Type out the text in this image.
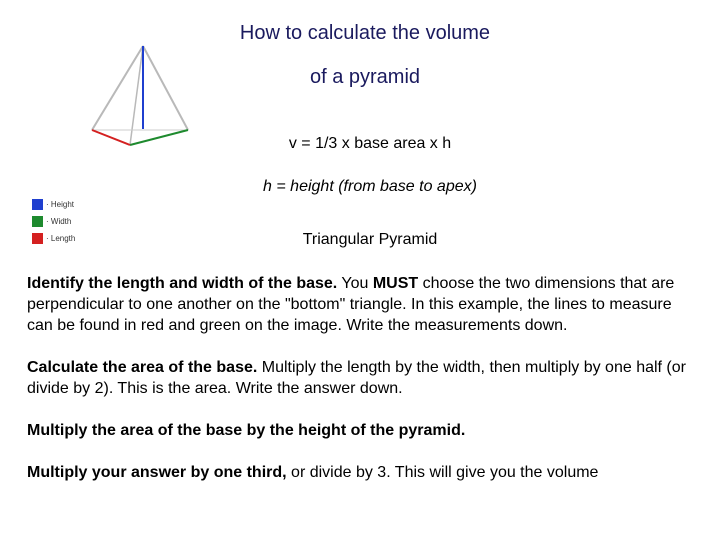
How to calculate the volume
of a pyramid
· Height
· Width
· Length
v = 1/3 x base area x h
h = height (from base to apex)
Triangular Pyramid

Identify the length and width of the base. You MUST choose the two dimensions that are perpendicular to one another on the "bottom" triangle. In this example, the lines to measure can be found in red and green on the image. Write the measurements down.

Calculate the area of the base. Multiply the length by the width, then multiply by one half (or divide by 2). This is the area. Write the answer down.

Multiply the area of the base by the height of the pyramid.

Multiply your answer by one third, or divide by 3. This will give you the volume
